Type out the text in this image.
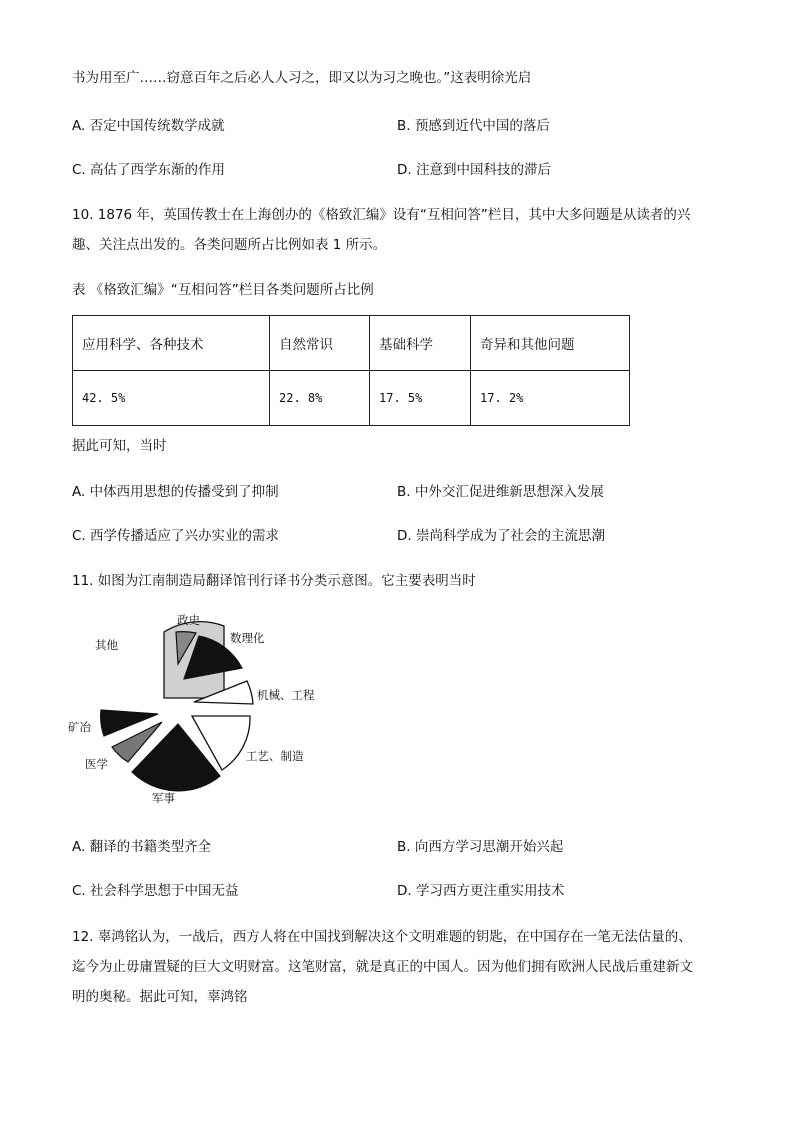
书为用至广……窃意百年之后必人人习之，即又以为习之晚也。”这表明徐光启
A. 否定中国传统数学成就	B. 预感到近代中国的落后
C. 高估了西学东渐的作用	D. 注意到中国科技的滞后
10. 1876 年，英国传教士在上海创办的《格致汇编》设有“互相问答”栏目，其中大多问题是从读者的兴
趣、关注点出发的。各类问题所占比例如表 1 所示。
表 《格致汇编》“互相问答”栏目各类问题所占比例
应用科学、各种技术	自然常识	基础科学	奇异和其他问题
42. 5%	22. 8%	17. 5%	17. 2%
据此可知，当时
A. 中体西用思想的传播受到了抑制	B. 中外交汇促进维新思想深入发展
C. 西学传播适应了兴办实业的需求	D. 崇尚科学成为了社会的主流思潮
11. 如图为江南制造局翻译馆刊行译书分类示意图。它主要表明当时
政史
数理化
机械、工程
工艺、制造
军事
医学
矿冶
其他
A. 翻译的书籍类型齐全	B. 向西方学习思潮开始兴起
C. 社会科学思想于中国无益	D. 学习西方更注重实用技术
12. 辜鸿铭认为，一战后，西方人将在中国找到解决这个文明难题的钥匙，在中国存在一笔无法估量的、
迄今为止毋庸置疑的巨大文明财富。这笔财富，就是真正的中国人。因为他们拥有欧洲人民战后重建新文
明的奥秘。据此可知，辜鸿铭
